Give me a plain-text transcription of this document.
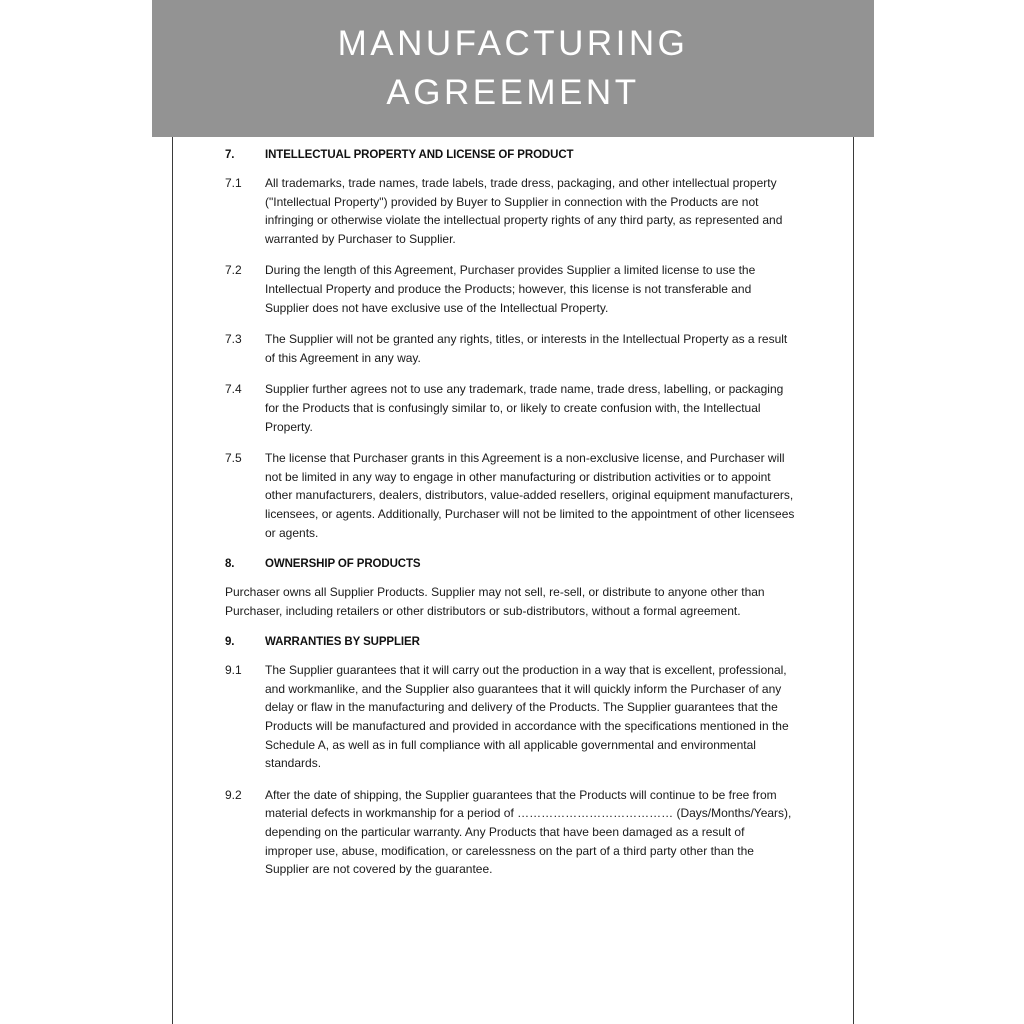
MANUFACTURING
AGREEMENT
7.	INTELLECTUAL PROPERTY AND LICENSE OF PRODUCT
7.1	All trademarks, trade names, trade labels, trade dress, packaging, and other intellectual property ("Intellectual Property") provided by Buyer to Supplier in connection with the Products are not infringing or otherwise violate the intellectual property rights of any third party, as represented and warranted by Purchaser to Supplier.
7.2	During the length of this Agreement, Purchaser provides Supplier a limited license to use the Intellectual Property and produce the Products; however, this license is not transferable and Supplier does not have exclusive use of the Intellectual Property.
7.3	The Supplier will not be granted any rights, titles, or interests in the Intellectual Property as a result of this Agreement in any way.
7.4	Supplier further agrees not to use any trademark, trade name, trade dress, labelling, or packaging for the Products that is confusingly similar to, or likely to create confusion with, the Intellectual Property.
7.5	The license that Purchaser grants in this Agreement is a non-exclusive license, and Purchaser will not be limited in any way to engage in other manufacturing or distribution activities or to appoint other manufacturers, dealers, distributors, value-added resellers, original equipment manufacturers, licensees, or agents. Additionally, Purchaser will not be limited to the appointment of other licensees or agents.
8.	OWNERSHIP OF PRODUCTS
Purchaser owns all Supplier Products. Supplier may not sell, re-sell, or distribute to anyone other than Purchaser, including retailers or other distributors or sub-distributors, without a formal agreement.
9.	WARRANTIES BY SUPPLIER
9.1	The Supplier guarantees that it will carry out the production in a way that is excellent, professional, and workmanlike, and the Supplier also guarantees that it will quickly inform the Purchaser of any delay or flaw in the manufacturing and delivery of the Products. The Supplier guarantees that the Products will be manufactured and provided in accordance with the specifications mentioned in the Schedule A, as well as in full compliance with all applicable governmental and environmental standards.
9.2	After the date of shipping, the Supplier guarantees that the Products will continue to be free from material defects in workmanship for a period of ………………………………… (Days/Months/Years), depending on the particular warranty. Any Products that have been damaged as a result of improper use, abuse, modification, or carelessness on the part of a third party other than the Supplier are not covered by the guarantee.
